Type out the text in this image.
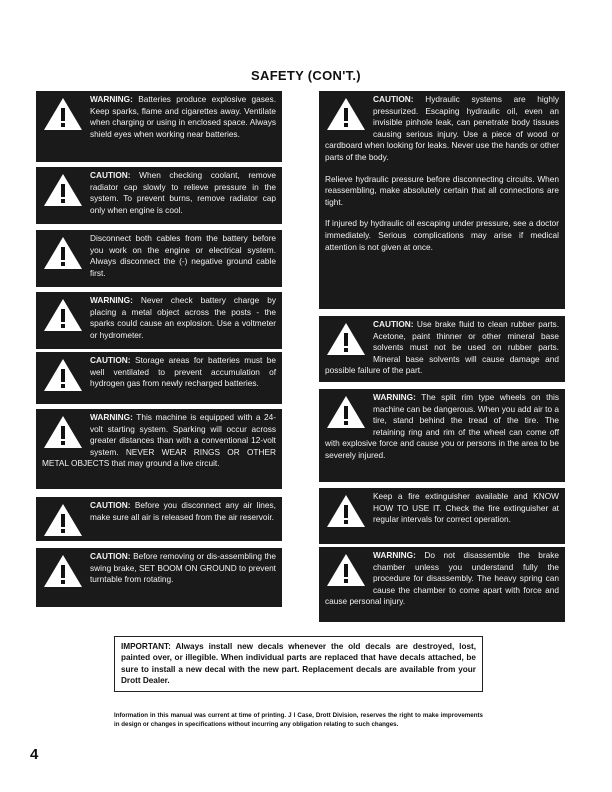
SAFETY (CON'T.)

WARNING: Batteries produce explosive gases. Keep sparks, flame and cigarettes away. Ventilate when charging or using in enclosed space. Always shield eyes when working near batteries.

CAUTION: When checking coolant, remove radiator cap slowly to relieve pressure in the system. To prevent burns, remove radiator cap only when engine is cool.

Disconnect both cables from the battery before you work on the engine or electrical system. Always disconnect the (-) negative ground cable first.

WARNING: Never check battery charge by placing a metal object across the posts - the sparks could cause an explosion. Use a voltmeter or hydrometer.

CAUTION: Storage areas for batteries must be well ventilated to prevent accumulation of hydrogen gas from newly recharged batteries.

WARNING: This machine is equipped with a 24-volt starting system. Sparking will occur across greater distances than with a conventional 12-volt system. NEVER WEAR RINGS OR OTHER METAL OBJECTS that may ground a live circuit.

CAUTION: Before you disconnect any air lines, make sure all air is released from the air reservoir.

CAUTION: Before removing or dis-assembling the swing brake, SET BOOM ON GROUND to prevent turntable from rotating.

CAUTION: Hydraulic systems are highly pressurized. Escaping hydraulic oil, even an invisible pinhole leak, can penetrate body tissues causing serious injury. Use a piece of wood or cardboard when looking for leaks. Never use the hands or other parts of the body.

Relieve hydraulic pressure before disconnecting circuits. When reassembling, make absolutely certain that all connections are tight.

If injured by hydraulic oil escaping under pressure, see a doctor immediately. Serious complications may arise if medical attention is not given at once.

CAUTION: Use brake fluid to clean rubber parts. Acetone, paint thinner or other mineral base solvents must not be used on rubber parts. Mineral base solvents will cause damage and possible failure of the part.

WARNING: The split rim type wheels on this machine can be dangerous. When you add air to a tire, stand behind the tread of the tire. The retaining ring and rim of the wheel can come off with explosive force and cause you or persons in the area to be severely injured.

Keep a fire extinguisher available and KNOW HOW TO USE IT. Check the fire extinguisher at regular intervals for correct operation.

WARNING: Do not disassemble the brake chamber unless you understand fully the procedure for disassembly. The heavy spring can cause the chamber to come apart with force and cause personal injury.

IMPORTANT: Always install new decals whenever the old decals are destroyed, lost, painted over, or illegible. When individual parts are replaced that have decals attached, be sure to install a new decal with the new part. Replacement decals are available from your Drott Dealer.
Information in this manual was current at time of printing. J I Case, Drott Division, reserves the right to make improvements in design or changes in specifications without incurring any obligation relating to such changes.
4
